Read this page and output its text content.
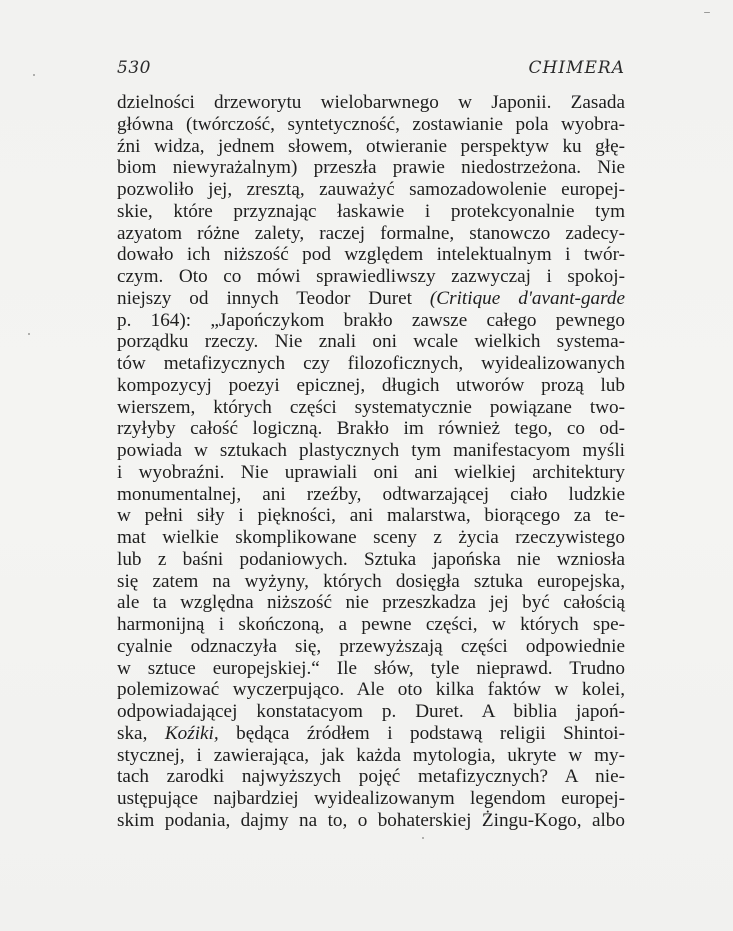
530	CHIMERA
dzielności drzeworytu wielobarwnego w Japonii. Zasada
główna (twórczość, syntetyczność, zostawianie pola wyobra-
źni widza, jednem słowem, otwieranie perspektyw ku głę-
biom niewyrażalnym) przeszła prawie niedostrzeżona. Nie
pozwoliło jej, zresztą, zauważyć samozadowolenie europej-
skie, które przyznając łaskawie i protekcyonalnie tym
azyatom różne zalety, raczej formalne, stanowczo zadecy-
dowało ich niższość pod względem intelektualnym i twór-
czym. Oto co mówi sprawiedliwszy zazwyczaj i spokoj-
niejszy od innych Teodor Duret (Critique d'avant-garde
p. 164): „Japończykom brakło zawsze całego pewnego
porządku rzeczy. Nie znali oni wcale wielkich systema-
tów metafizycznych czy filozoficznych, wyidealizowanych
kompozycyj poezyi epicznej, długich utworów prozą lub
wierszem, których części systematycznie powiązane two-
rzyłyby całość logiczną. Brakło im również tego, co od-
powiada w sztukach plastycznych tym manifestacyom myśli
i wyobraźni. Nie uprawiali oni ani wielkiej architektury
monumentalnej, ani rzeźby, odtwarzającej ciało ludzkie
w pełni siły i piękności, ani malarstwa, biorącego za te-
mat wielkie skomplikowane sceny z życia rzeczywistego
lub z baśni podaniowych. Sztuka japońska nie wzniosła
się zatem na wyżyny, których dosięgła sztuka europejska,
ale ta względna niższość nie przeszkadza jej być całością
harmonijną i skończoną, a pewne części, w których spe-
cyalnie odznaczyła się, przewyższają części odpowiednie
w sztuce europejskiej.“ Ile słów, tyle nieprawd. Trudno
polemizować wyczerpująco. Ale oto kilka faktów w kolei,
odpowiadającej konstatacyom p. Duret. A biblia japoń-
ska, Koźiki, będąca źródłem i podstawą religii Shintoi-
stycznej, i zawierająca, jak każda mytologia, ukryte w my-
tach zarodki najwyższych pojęć metafizycznych? A nie-
ustępujące najbardziej wyidealizowanym legendom europej-
skim podania, dajmy na to, o bohaterskiej Żingu-Kogo, albo
